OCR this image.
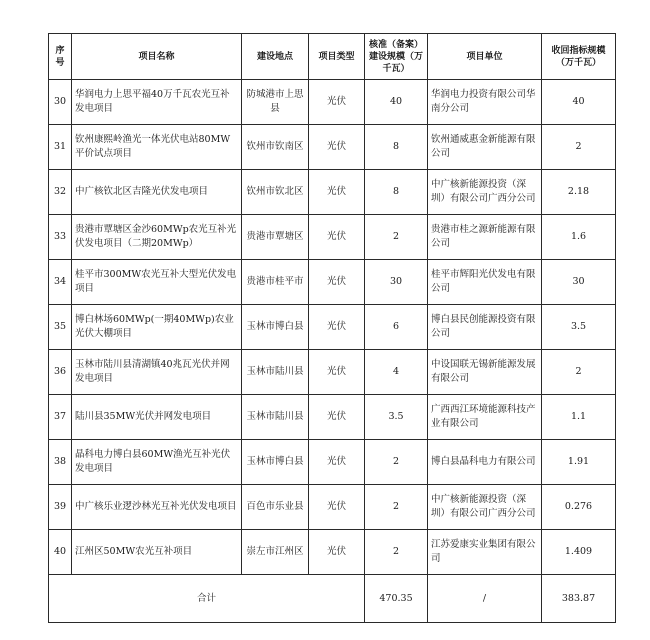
序号	项目名称	建设地点	项目类型	核准（备案）建设规模（万千瓦）	项目单位	收回指标规模（万千瓦）
30	华润电力上思平福40万千瓦农光互补发电项目	防城港市上思县	光伏	40	华润电力投资有限公司华南分公司	40
31	钦州康熙岭渔光一体光伏电站80MW平价试点项目	钦州市钦南区	光伏	8	钦州通威惠金新能源有限公司	2
32	中广核钦北区吉隆光伏发电项目	钦州市钦北区	光伏	8	中广核新能源投资（深圳）有限公司广西分公司	2.18
33	贵港市覃塘区金沙60MWp农光互补光伏发电项目（二期20MWp）	贵港市覃塘区	光伏	2	贵港市桂之源新能源有限公司	1.6
34	桂平市300MW农光互补大型光伏发电项目	贵港市桂平市	光伏	30	桂平市辉阳光伏发电有限公司	30
35	博白林场60MWp(一期40MWp)农业光伏大棚项目	玉林市博白县	光伏	6	博白县民创能源投资有限公司	3.5
36	玉林市陆川县清湖镇40兆瓦光伏并网发电项目	玉林市陆川县	光伏	4	中设国联无锡新能源发展有限公司	2
37	陆川县35MW光伏并网发电项目	玉林市陆川县	光伏	3.5	广西西江环境能源科技产业有限公司	1.1
38	晶科电力博白县60MW渔光互补光伏发电项目	玉林市博白县	光伏	2	博白县晶科电力有限公司	1.91
39	中广核乐业逻沙林光互补光伏发电项目	百色市乐业县	光伏	2	中广核新能源投资（深圳）有限公司广西分公司	0.276
40	江州区50MW农光互补项目	崇左市江州区	光伏	2	江苏爱康实业集团有限公司	1.409
合计				470.35	/	383.87
